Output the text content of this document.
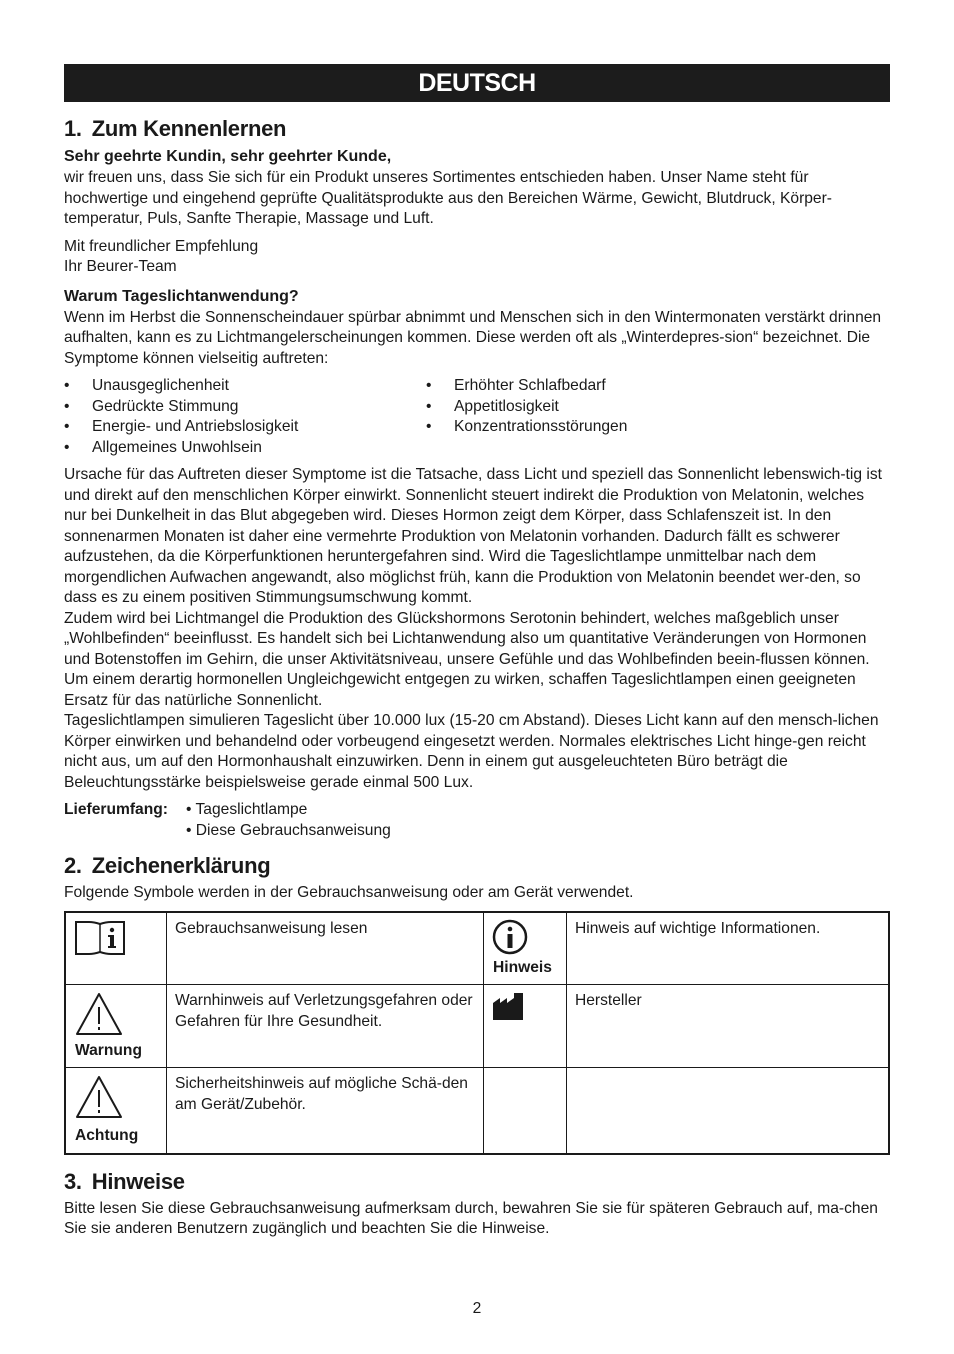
DEUTSCH
1. Zum Kennenlernen
Sehr geehrte Kundin, sehr geehrter Kunde,

wir freuen uns, dass Sie sich für ein Produkt unseres Sortimentes entschieden haben. Unser Name steht für hochwertige und eingehend geprüfte Qualitätsprodukte aus den Bereichen Wärme, Gewicht, Blutdruck, Körper-temperatur, Puls, Sanfte Therapie, Massage und Luft.

Mit freundlicher Empfehlung

Ihr Beurer-Team

Warum Tageslichtanwendung?

Wenn im Herbst die Sonnenscheindauer spürbar abnimmt und Menschen sich in den Wintermonaten verstärkt drinnen aufhalten, kann es zu Lichtmangelerscheinungen kommen. Diese werden oft als „Winterdepres-sion“ bezeichnet. Die Symptome können vielseitig auftreten:

• Unausgeglichenheit
• Gedrückte Stimmung
• Energie- und Antriebslosigkeit
• Allgemeines Unwohlsein
• Erhöhter Schlafbedarf
• Appetitlosigkeit
• Konzentrationsstörungen

Ursache für das Auftreten dieser Symptome ist die Tatsache, dass Licht und speziell das Sonnenlicht lebenswich-tig ist und direkt auf den menschlichen Körper einwirkt. Sonnenlicht steuert indirekt die Produktion von Melatonin, welches nur bei Dunkelheit in das Blut abgegeben wird. Dieses Hormon zeigt dem Körper, dass Schlafenszeit ist. In den sonnenarmen Monaten ist daher eine vermehrte Produktion von Melatonin vorhanden. Dadurch fällt es schwerer aufzustehen, da die Körperfunktionen heruntergefahren sind. Wird die Tageslichtlampe unmittelbar nach dem morgendlichen Aufwachen angewandt, also möglichst früh, kann die Produktion von Melatonin beendet wer-den, so dass es zu einem positiven Stimmungsumschwung kommt.

Zudem wird bei Lichtmangel die Produktion des Glückshormons Serotonin behindert, welches maßgeblich unser „Wohlbefinden“ beeinflusst. Es handelt sich bei Lichtanwendung also um quantitative Veränderungen von Hormonen und Botenstoffen im Gehirn, die unser Aktivitätsniveau, unsere Gefühle und das Wohlbefinden beein-flussen können. Um einem derartig hormonellen Ungleichgewicht entgegen zu wirken, schaffen Tageslichtlampen einen geeigneten Ersatz für das natürliche Sonnenlicht.

Tageslichtlampen simulieren Tageslicht über 10.000 lux (15-20 cm Abstand). Dieses Licht kann auf den mensch-lichen Körper einwirken und behandelnd oder vorbeugend eingesetzt werden. Normales elektrisches Licht hinge-gen reicht nicht aus, um auf den Hormonhaushalt einzuwirken. Denn in einem gut ausgeleuchteten Büro beträgt die Beleuchtungsstärke beispielsweise gerade einmal 500 Lux.

Lieferumfang:	• Tageslichtlampe
• Diese Gebrauchsanweisung
2. Zeichenerklärung

Folgende Symbole werden in der Gebrauchsanweisung oder am Gerät verwendet.

	Gebrauchsanweisung lesen	Hinweis	Hinweis auf wichtige Informationen.

Warnung	Warnhinweis auf Verletzungsgefahren oder Gefahren für Ihre Gesundheit.		Hersteller

Achtung	Sicherheitshinweis auf mögliche Schä-den am Gerät/Zubehör.		
3. Hinweise

Bitte lesen Sie diese Gebrauchsanweisung aufmerksam durch, bewahren Sie sie für späteren Gebrauch auf, ma-chen Sie sie anderen Benutzern zugänglich und beachten Sie die Hinweise.

2
